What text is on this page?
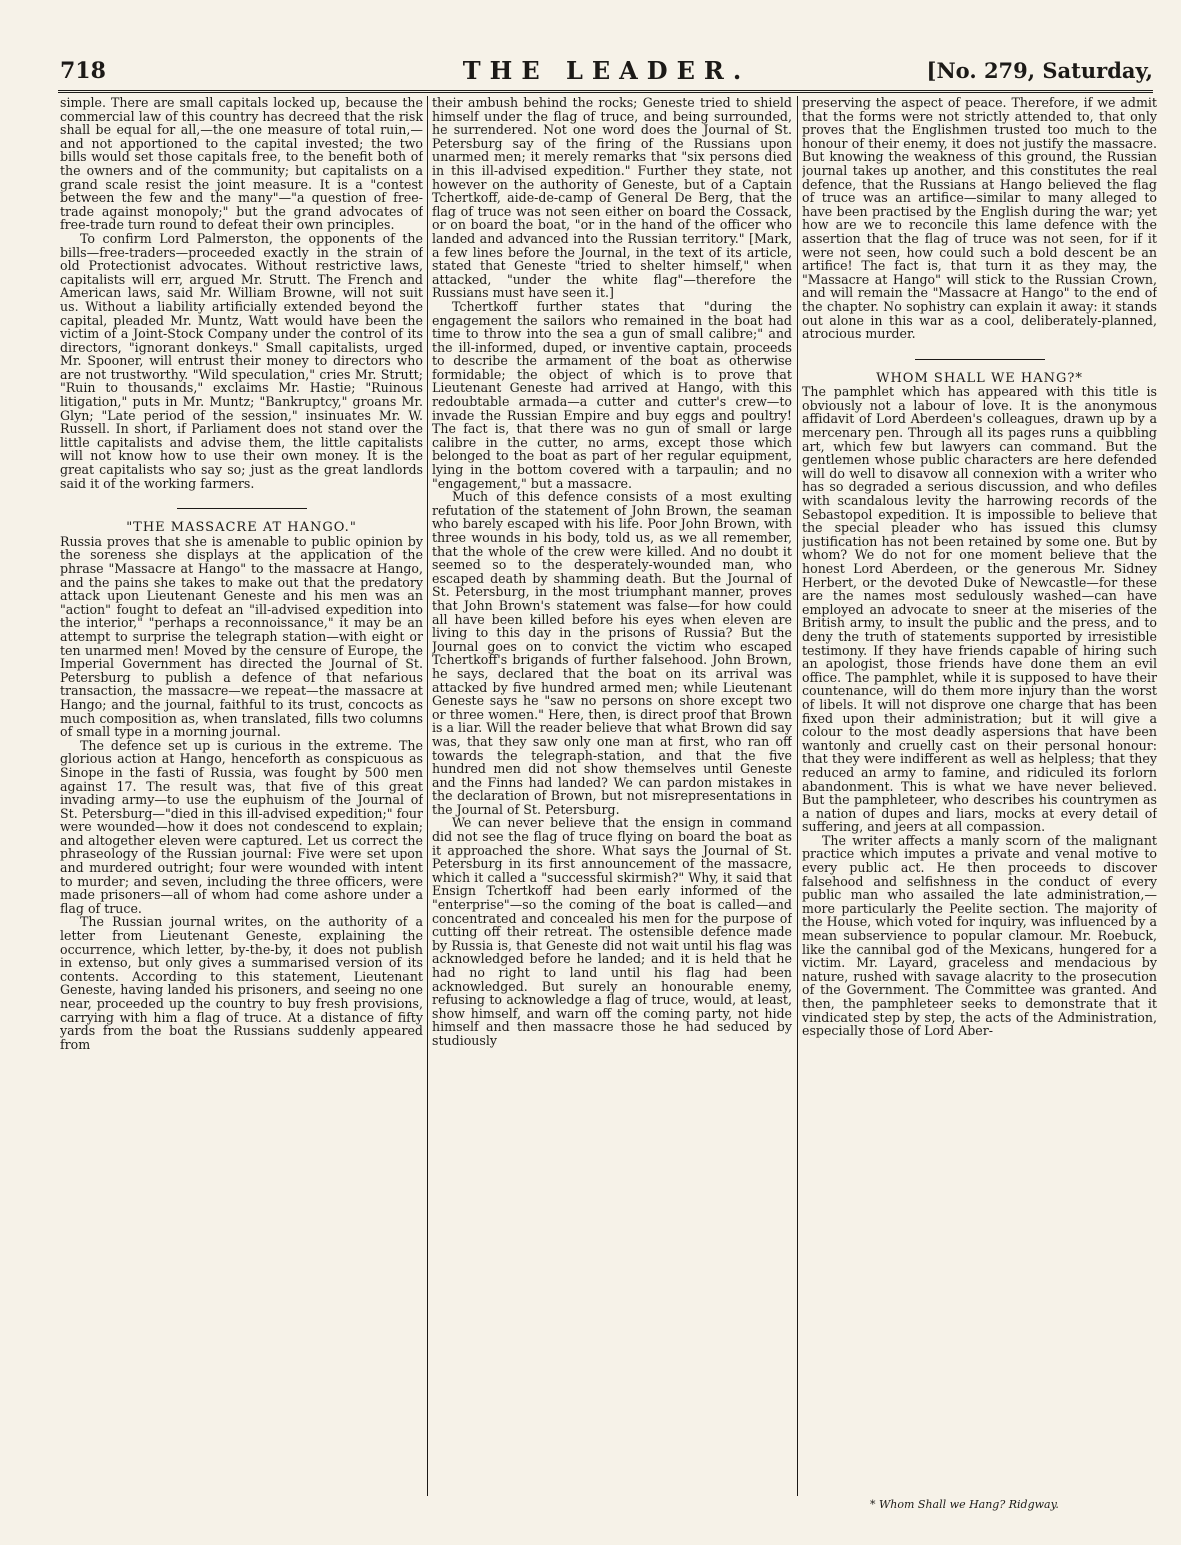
718	THE LEADER.	[No. 279, Saturday,

simple. There are small capitals locked up, because the commercial law of this country has decreed that the risk shall be equal for all,—the one measure of total ruin,—and not apportioned to the capital invested; the two bills would set those capitals free, to the benefit both of the owners and of the community; but capitalists on a grand scale resist the joint measure. It is a "contest between the few and the many"—"a question of free-trade against monopoly;" but the grand advocates of free-trade turn round to defeat their own principles.

To confirm Lord Palmerston, the opponents of the bills—free-traders—proceeded exactly in the strain of old Protectionist advocates. Without restrictive laws, capitalists will err, argued Mr. Strutt. The French and American laws, said Mr. William Browne, will not suit us. Without a liability artificially extended beyond the capital, pleaded Mr. Muntz, Watt would have been the victim of a Joint-Stock Company under the control of its directors, "ignorant donkeys." Small capitalists, urged Mr. Spooner, will entrust their money to directors who are not trustworthy. "Wild speculation," cries Mr. Strutt; "Ruin to thousands," exclaims Mr. Hastie; "Ruinous litigation," puts in Mr. Muntz; "Bankruptcy," groans Mr. Glyn; "Late period of the session," insinuates Mr. W. Russell. In short, if Parliament does not stand over the little capitalists and advise them, the little capitalists will not know how to use their own money. It is the great capitalists who say so; just as the great landlords said it of the working farmers.

"THE MASSACRE AT HANGO."

Russia proves that she is amenable to public opinion by the soreness she displays at the application of the phrase "Massacre at Hango" to the massacre at Hango, and the pains she takes to make out that the predatory attack upon Lieutenant Geneste and his men was an "action" fought to defeat an "ill-advised expedition into the interior," "perhaps a reconnoissance," it may be an attempt to surprise the telegraph station—with eight or ten unarmed men! Moved by the censure of Europe, the Imperial Government has directed the Journal of St. Petersburg to publish a defence of that nefarious transaction, the massacre—we repeat—the massacre at Hango; and the journal, faithful to its trust, concocts as much composition as, when translated, fills two columns of small type in a morning journal.

The defence set up is curious in the extreme. The glorious action at Hango, henceforth as conspicuous as Sinope in the fasti of Russia, was fought by 500 men against 17. The result was, that five of this great invading army—to use the euphuism of the Journal of St. Petersburg—"died in this ill-advised expedition;" four were wounded—how it does not condescend to explain; and altogether eleven were captured. Let us correct the phraseology of the Russian journal: Five were set upon and murdered outright; four were wounded with intent to murder; and seven, including the three officers, were made prisoners—all of whom had come ashore under a flag of truce.

The Russian journal writes, on the authority of a letter from Lieutenant Geneste, explaining the occurrence, which letter, by-the-by, it does not publish in extenso, but only gives a summarised version of its contents. According to this statement, Lieutenant Geneste, having landed his prisoners, and seeing no one near, proceeded up the country to buy fresh provisions, carrying with him a flag of truce. At a distance of fifty yards from the boat the Russians suddenly appeared from

their ambush behind the rocks; Geneste tried to shield himself under the flag of truce, and being surrounded, he surrendered. Not one word does the Journal of St. Petersburg say of the firing of the Russians upon unarmed men; it merely remarks that "six persons died in this ill-advised expedition." Further they state, not however on the authority of Geneste, but of a Captain Tchertkoff, aide-de-camp of General De Berg, that the flag of truce was not seen either on board the Cossack, or on board the boat, "or in the hand of the officer who landed and advanced into the Russian territory." [Mark, a few lines before the Journal, in the text of its article, stated that Geneste "tried to shelter himself," when attacked, "under the white flag"—therefore the Russians must have seen it.]

Tchertkoff further states that "during the engagement the sailors who remained in the boat had time to throw into the sea a gun of small calibre;" and the ill-informed, duped, or inventive captain, proceeds to describe the armament of the boat as otherwise formidable; the object of which is to prove that Lieutenant Geneste had arrived at Hango, with this redoubtable armada—a cutter and cutter's crew—to invade the Russian Empire and buy eggs and poultry! The fact is, that there was no gun of small or large calibre in the cutter, no arms, except those which belonged to the boat as part of her regular equipment, lying in the bottom covered with a tarpaulin; and no "engagement," but a massacre.

Much of this defence consists of a most exulting refutation of the statement of John Brown, the seaman who barely escaped with his life. Poor John Brown, with three wounds in his body, told us, as we all remember, that the whole of the crew were killed. And no doubt it seemed so to the desperately-wounded man, who escaped death by shamming death. But the Journal of St. Petersburg, in the most triumphant manner, proves that John Brown's statement was false—for how could all have been killed before his eyes when eleven are living to this day in the prisons of Russia? But the Journal goes on to convict the victim who escaped Tchertkoff's brigands of further falsehood. John Brown, he says, declared that the boat on its arrival was attacked by five hundred armed men; while Lieutenant Geneste says he "saw no persons on shore except two or three women." Here, then, is direct proof that Brown is a liar. Will the reader believe that what Brown did say was, that they saw only one man at first, who ran off towards the telegraph-station, and that the five hundred men did not show themselves until Geneste and the Finns had landed? We can pardon mistakes in the declaration of Brown, but not misrepresentations in the Journal of St. Petersburg.

We can never believe that the ensign in command did not see the flag of truce flying on board the boat as it approached the shore. What says the Journal of St. Petersburg in its first announcement of the massacre, which it called a "successful skirmish?" Why, it said that Ensign Tchertkoff had been early informed of the "enterprise"—so the coming of the boat is called—and concentrated and concealed his men for the purpose of cutting off their retreat. The ostensible defence made by Russia is, that Geneste did not wait until his flag was acknowledged before he landed; and it is held that he had no right to land until his flag had been acknowledged. But surely an honourable enemy, refusing to acknowledge a flag of truce, would, at least, show himself, and warn off the coming party, not hide himself and then massacre those he had seduced by studiously

preserving the aspect of peace. Therefore, if we admit that the forms were not strictly attended to, that only proves that the Englishmen trusted too much to the honour of their enemy, it does not justify the massacre. But knowing the weakness of this ground, the Russian journal takes up another, and this constitutes the real defence, that the Russians at Hango believed the flag of truce was an artifice—similar to many alleged to have been practised by the English during the war; yet how are we to reconcile this lame defence with the assertion that the flag of truce was not seen, for if it were not seen, how could such a bold descent be an artifice! The fact is, that turn it as they may, the "Massacre at Hango" will stick to the Russian Crown, and will remain the "Massacre at Hango" to the end of the chapter. No sophistry can explain it away: it stands out alone in this war as a cool, deliberately-planned, atrocious murder.

WHOM SHALL WE HANG?*

The pamphlet which has appeared with this title is obviously not a labour of love. It is the anonymous affidavit of Lord Aberdeen's colleagues, drawn up by a mercenary pen. Through all its pages runs a quibbling art, which few but lawyers can command. But the gentlemen whose public characters are here defended will do well to disavow all connexion with a writer who has so degraded a serious discussion, and who defiles with scandalous levity the harrowing records of the Sebastopol expedition. It is impossible to believe that the special pleader who has issued this clumsy justification has not been retained by some one. But by whom? We do not for one moment believe that the honest Lord Aberdeen, or the generous Mr. Sidney Herbert, or the devoted Duke of Newcastle—for these are the names most sedulously washed—can have employed an advocate to sneer at the miseries of the British army, to insult the public and the press, and to deny the truth of statements supported by irresistible testimony. If they have friends capable of hiring such an apologist, those friends have done them an evil office. The pamphlet, while it is supposed to have their countenance, will do them more injury than the worst of libels. It will not disprove one charge that has been fixed upon their administration; but it will give a colour to the most deadly aspersions that have been wantonly and cruelly cast on their personal honour: that they were indifferent as well as helpless; that they reduced an army to famine, and ridiculed its forlorn abandonment. This is what we have never believed. But the pamphleteer, who describes his countrymen as a nation of dupes and liars, mocks at every detail of suffering, and jeers at all compassion.

The writer affects a manly scorn of the malignant practice which imputes a private and venal motive to every public act. He then proceeds to discover falsehood and selfishness in the conduct of every public man who assailed the late administration,—more particularly the Peelite section. The majority of the House, which voted for inquiry, was influenced by a mean subservience to popular clamour. Mr. Roebuck, like the cannibal god of the Mexicans, hungered for a victim. Mr. Layard, graceless and mendacious by nature, rushed with savage alacrity to the prosecution of the Government. The Committee was granted. And then, the pamphleteer seeks to demonstrate that it vindicated step by step, the acts of the Administration, especially those of Lord Aber-

* Whom Shall we Hang? Ridgway.
